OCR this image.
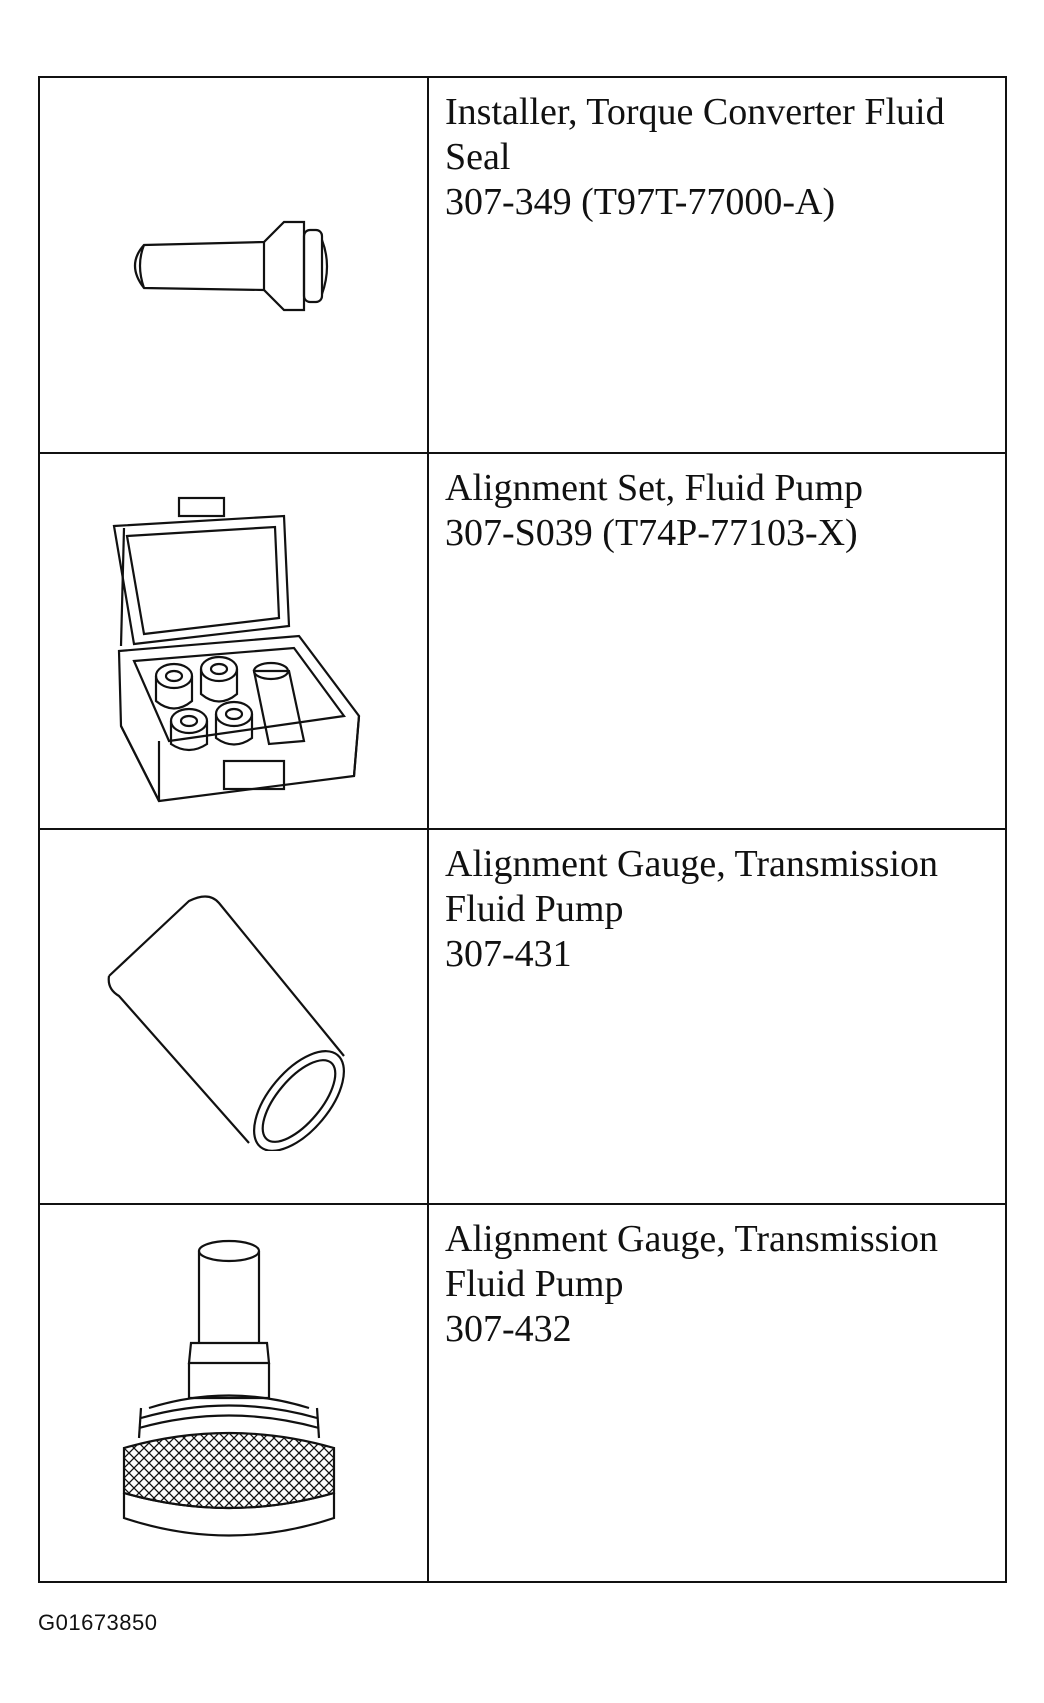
Installer, Torque Converter Fluid
Seal
307-349 (T97T-77000-A)
Alignment Set, Fluid Pump
307-S039 (T74P-77103-X)
Alignment Gauge, Transmission
Fluid Pump
307-431
Alignment Gauge, Transmission
Fluid Pump
307-432
G01673850
